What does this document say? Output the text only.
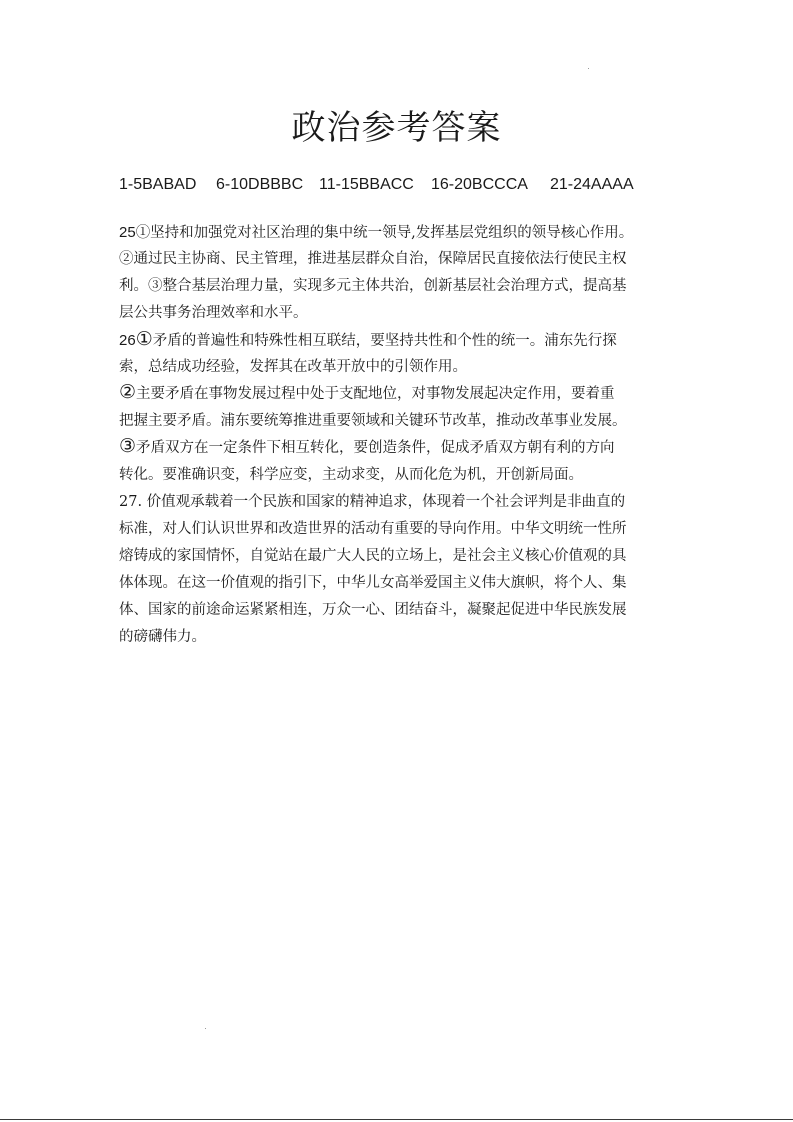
政治参考答案
1-5BABAD 6-10DBBBC 11-15BBACC 16-20BCCCA 21-24AAAA
25①坚持和加强党对社区治理的集中统一领导,发挥基层党组织的领导核心作用。
②通过民主协商、民主管理，推进基层群众自治，保障居民直接依法行使民主权
利。③整合基层治理力量，实现多元主体共治，创新基层社会治理方式，提高基
层公共事务治理效率和水平。
26①矛盾的普遍性和特殊性相互联结，要坚持共性和个性的统一。浦东先行探
索，总结成功经验，发挥其在改革开放中的引领作用。
②主要矛盾在事物发展过程中处于支配地位，对事物发展起决定作用，要着重
把握主要矛盾。浦东要统筹推进重要领域和关键环节改革，推动改革事业发展。
③矛盾双方在一定条件下相互转化，要创造条件，促成矛盾双方朝有利的方向
转化。要准确识变，科学应变，主动求变，从而化危为机，开创新局面。
27. 价值观承载着一个民族和国家的精神追求，体现着一个社会评判是非曲直的
标准，对人们认识世界和改造世界的活动有重要的导向作用。中华文明统一性所
熔铸成的家国情怀，自觉站在最广大人民的立场上，是社会主义核心价值观的具
体体现。在这一价值观的指引下，中华儿女高举爱国主义伟大旗帜，将个人、集
体、国家的前途命运紧紧相连，万众一心、团结奋斗，凝聚起促进中华民族发展
的磅礴伟力。
